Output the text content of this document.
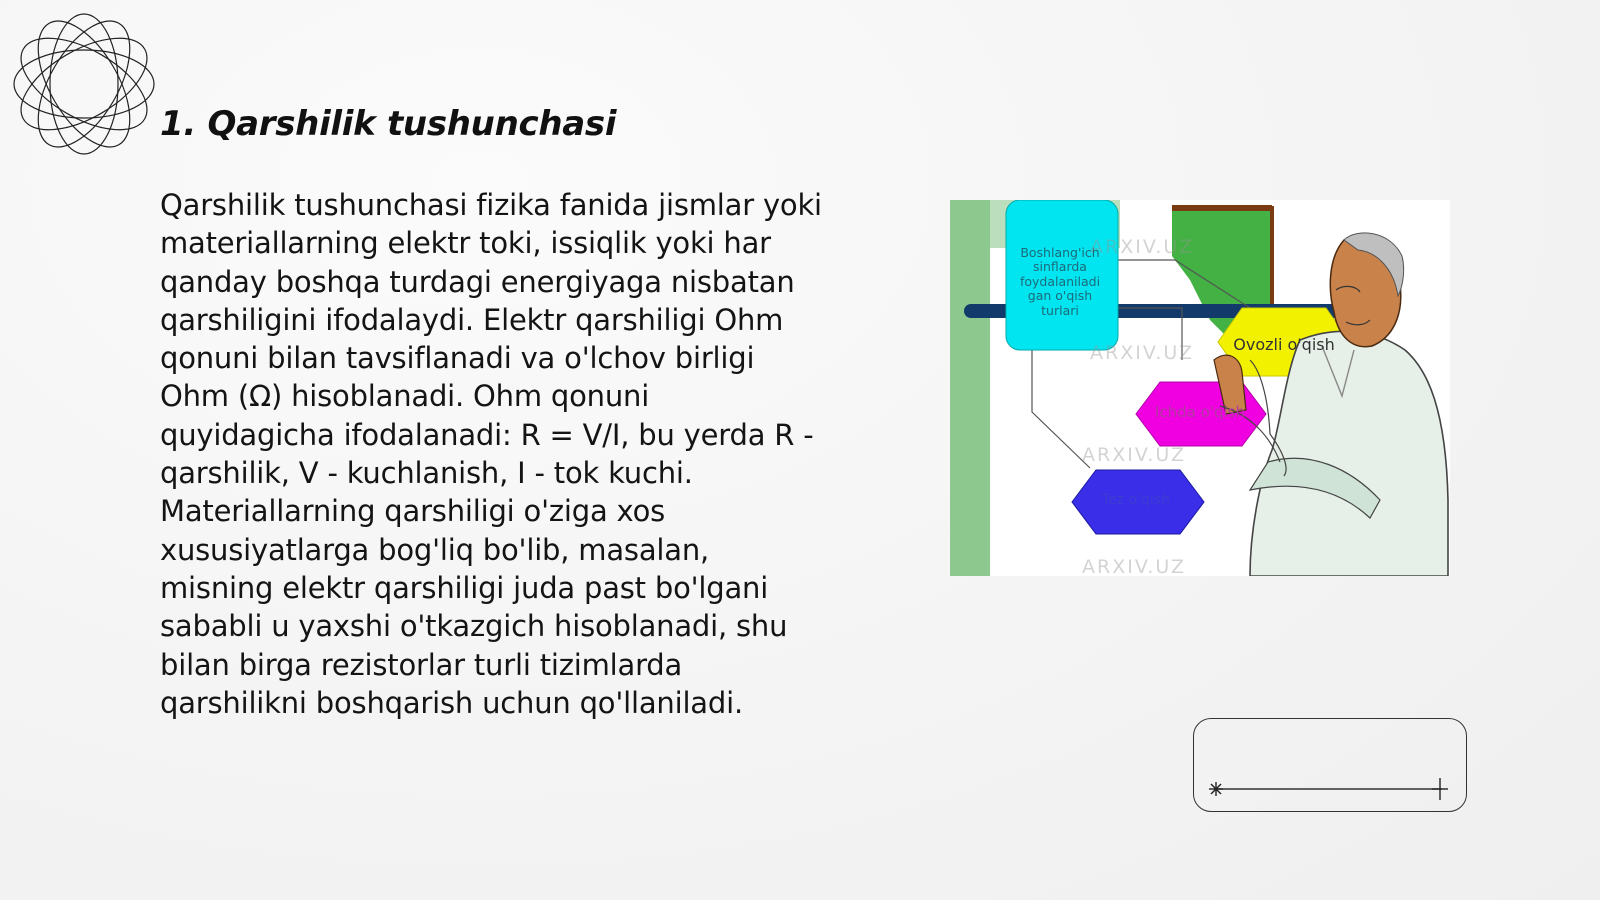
1. Qarshilik tushunchasi

Qarshilik tushunchasi fizika fanida jismlar yoki materiallarning elektr toki, issiqlik yoki har qanday boshqa turdagi energiyaga nisbatan qarshiligini ifodalaydi. Elektr qarshiligi Ohm qonuni bilan tavsiflanadi va o'lchov birligi Ohm (Ω) hisoblanadi. Ohm qonuni quyidagicha ifodalanadi: R = V/I, bu yerda R - qarshilik, V - kuchlanish, I - tok kuchi. Materiallarning qarshiligi o'ziga xos xususiyatlarga bog'liq bo'lib, masalan, misning elektr qarshiligi juda past bo'lgani sababli u yaxshi o'tkazgich hisoblanadi, shu bilan birga rezistorlar turli tizimlarda qarshilikni boshqarish uchun qo'llaniladi.

Boshlang'ich sinflarda foydalaniladi gan o'qish turlari
Ovozli o'qish
Ichda o'qish
Tez o'qish
ARXIV.UZ
ARXIV.UZ
ARXIV.UZ
ARXIV.UZ
